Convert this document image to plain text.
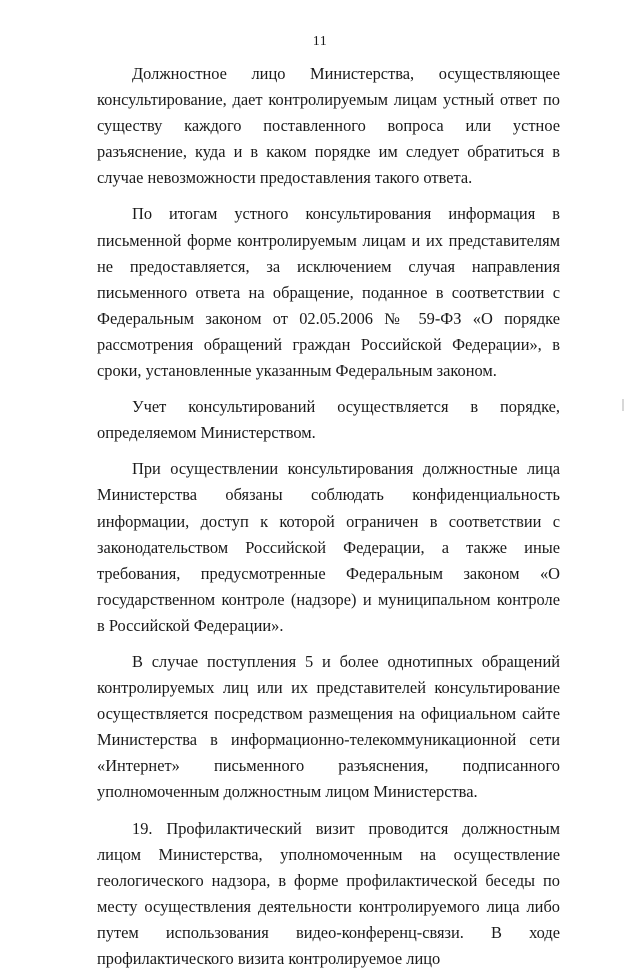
11

Должностное лицо Министерства, осуществляющее консультирование, дает контролируемым лицам устный ответ по существу каждого поставленного вопроса или устное разъяснение, куда и в каком порядке им следует обратиться в случае невозможности предоставления такого ответа.

По итогам устного консультирования информация в письменной форме контролируемым лицам и их представителям не предоставляется, за исключением случая направления письменного ответа на обращение, поданное в соответствии с Федеральным законом от 02.05.2006 № 59-ФЗ «О порядке рассмотрения обращений граждан Российской Федерации», в сроки, установленные указанным Федеральным законом.

Учет консультирований осуществляется в порядке, определяемом Министерством.

При осуществлении консультирования должностные лица Министерства обязаны соблюдать конфиденциальность информации, доступ к которой ограничен в соответствии с законодательством Российской Федерации, а также иные требования, предусмотренные Федеральным законом «О государственном контроле (надзоре) и муниципальном контроле в Российской Федерации».

В случае поступления 5 и более однотипных обращений контролируемых лиц или их представителей консультирование осуществляется посредством размещения на официальном сайте Министерства в информационно-телекоммуникационной сети «Интернет» письменного разъяснения, подписанного уполномоченным должностным лицом Министерства.

19. Профилактический визит проводится должностным лицом Министерства, уполномоченным на осуществление геологического надзора, в форме профилактической беседы по месту осуществления деятельности контролируемого лица либо путем использования видео-конференц-связи. В ходе профилактического визита контролируемое лицо
